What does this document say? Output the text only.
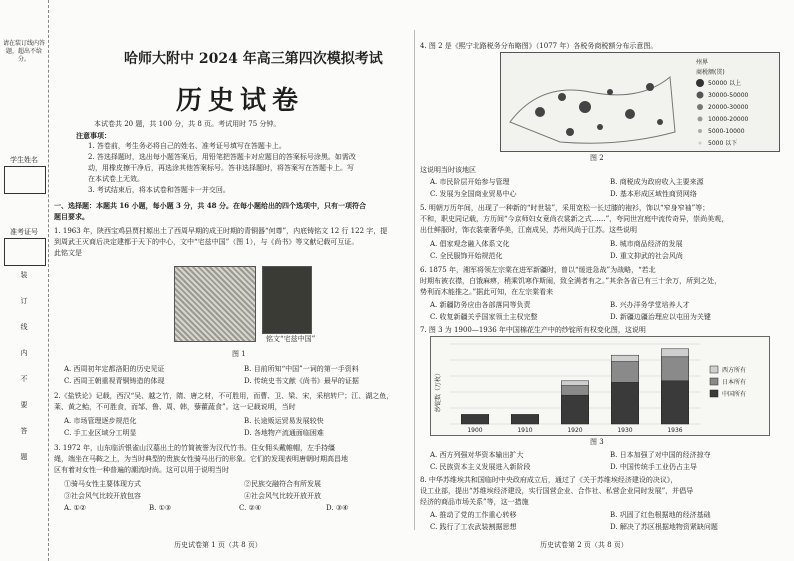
请在装订线内答题，超出不给分。
学生姓名
准考证号
装
订
线
内
不
要
答
题
哈师大附中 2024 年高三第四次模拟考试
历史试卷
本试卷共 20 题，共 100 分，共 8 页。考试用时 75 分钟。
注意事项：
1. 答卷前，考生务必将自己的姓名、准考证号填写在答题卡上。
2. 答选择题时，选出每小题答案后，用铅笔把答题卡对应题目的答案标号涂黑。如需改
动，用橡皮擦干净后，再选涂其他答案标号。答非选择题时，将答案写在答题卡上。写
在本试卷上无效。
3. 考试结束后，将本试卷和答题卡一并交回。
一、选择题：本题共 16 小题，每小题 3 分，共 48 分。在每小题给出的四个选项中，只有一项符合
题目要求。
1. 1963 年，陕西宝鸡县贾村塬出土了西周早期的成王时期的青铜器“何尊”，内底铸铭文 12 行 122 字，提
到周武王灭商后决定建都于天下的中心，文中“宅兹中国”（图 1），与《尚书》等文献记载可互证。
此铭文是
铭文“宅兹中国”
图 1
A. 西周初年定都洛阳的历史见证	B. 目前所知“中国”一词的第一手资料
C. 西周王朝重视青铜铸造的体现	D. 传统史书文献《尚书》最早的证据
2.《盐铁论》记载，西汉“吴、越之竹，隋、唐之材，不可胜用，而曹、卫、梁、宋，采棺转尸；江、湖之鱼，
莱、黄之鲐，不可胜食，而邹、鲁、周、韩，藜藿蔬食”。这一记载说明，当时
A. 市场管理逐步规范化	B. 长途贩运贸易发展较快
C. 手工业区域分工明显	D. 各地物产流通面临困难
3. 1972 年，山东临沂银雀山汉墓出土的竹简被誉为汉代竹书。住女佣头戴帷帽，左手持缰
绳，端坐在马鞍之上，为当时典型的贵族女性骑马出行的形象。它们的发现表明唐朝时期高昌地
区有着对女性一种普遍的潮流时尚。这可以用于说明当时
①骑马女性主要体现方式	②民族交融符合有所发展
③社会风气比较开放包容	④社会风气比较开放开放
A. ①②	B. ①③	C. ②④	D. ③④
历史试卷第 1 页（共 8 页）
4. 图 2 是《熙宁北路税务分布略图》（1077 年）各税务商税额分布示意图。
州界
商税额(贯)
50000 以上
30000-50000
20000-30000
10000-20000
5000-10000
5000 以下
图 2
这说明当时该地区
A. 市民阶层开始参与管理	B. 商税成为政府收入主要来源
C. 发展为全国商业贸易中心	D. 基本形成区域性商贸网络
5. 明朝万历年间，出现了一种新的“时世装”，采用宽松一长过膝的袍衫，饰以“窄身窄袖”等；
不和，职史同记载，方历间“今京师妇女竟尚衣裳新之式……”，夸同世宫庭中流传奇异，崇尚美观，
出仕鲜服时，饰衣装豪奢华美，江南成吴，苏州风尚于江苏。这些说明
A. 倡家观念融入体系文化	B. 城市商品经济的发展
C. 全民服饰开始规范化	D. 重文抑武的社会风尚
6. 1875 年，湘军将领左宗棠在进军新疆时，曾以“缓进急战”为战略，“若北
时期布被衣襟，白饿麻痹，稍乘饥寒作斯闹，致全满者有之。”其余各省已有三十余万，所到之处，
势利而木能推之。”据此可知，在左宗棠看来
A. 新疆防务应由各部落同等负责	B. 兴办洋务学堂培养人才
C. 收复新疆关乎国家领土主权完整	D. 新疆边疆治理应以屯田为关键
7. 图 3 为 1900—1936 年中国棉花生产中的纱锭所有权变化图，这说明
1900	1910	1920	1930	1936
纱锭数（万枚）	西方所有
日本所有
中国所有
图 3
A. 西方列强对华资本输出扩大	B. 日本加强了对中国的经济掠夺
C. 民族资本主义发展进入新阶段	D. 中国传统手工业仍占主导
8. 中华苏维埃共和国临时中央政府成立后，通过了《关于苏维埃经济建设的决议》，
设工业部，提出“苏维埃经济建设，实行国营企业、合作社、私营企业同时发展”，并倡导
经济的商品市场关系”等，这一措施
A. 推动了党的工作重心转移	B. 巩固了红色根据地的经济基础
C. 践行了工农武装割据思想	D. 解决了苏区根据地物资紧缺问题
历史试卷第 2 页（共 8 页）
